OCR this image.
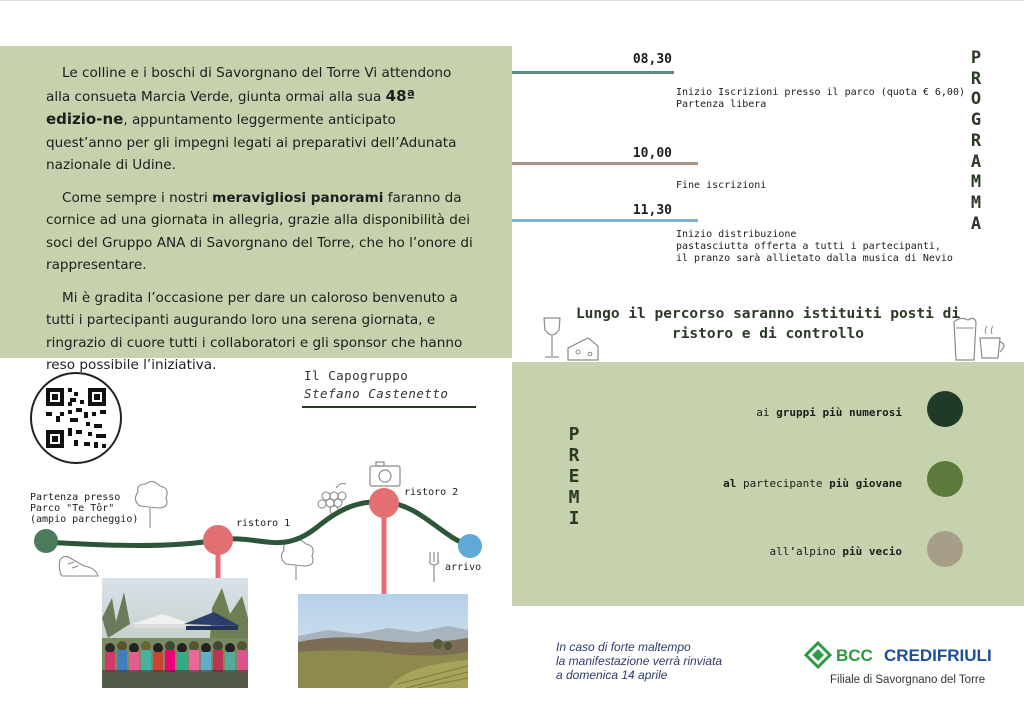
Le colline e i boschi di Savorgnano del Torre Vi attendono alla consueta Marcia Verde, giunta ormai alla sua 48ª edizio-ne, appuntamento leggermente anticipato quest’anno per gli impegni legati ai preparativi dell’Adunata nazionale di Udine.

Come sempre i nostri meravigliosi panorami faranno da cornice ad una giornata in allegria, grazie alla disponibilità dei soci del Gruppo ANA di Savorgnano del Torre, che ho l’onore di rappresentare.

Mi è gradita l’occasione per dare un caloroso benvenuto a tutti i partecipanti augurando loro una serena giornata, e ringrazio di cuore tutti i collaboratori e gli sponsor che hanno reso possibile l’iniziativa.

P
R
O
G
R
A
M
M
A
08,30
Inizio Iscrizioni presso il parco (quota € 6,00)
Partenza libera
10,00
Fine iscrizioni
11,30
Inizio distribuzione
pastasciutta offerta a tutti i partecipanti,
il pranzo sarà allietato dalla musica di Nevio
Lungo il percorso saranno istituiti posti di ristoro e di controllo
P
R
E
M
I
ai gruppi più numerosi
al partecipante più giovane
all’alpino più vecio
Il Capogruppo
Stefano Castenetto
Partenza presso
Parco "Te Tôr"
(ampio parcheggio)	ristoro 1
ristoro 2
arrivo
In caso di forte maltempo
la manifestazione verrà rinviata
a domenica 14 aprile
BCC CREDIFRIULI
Filiale di Savorgnano del Torre
